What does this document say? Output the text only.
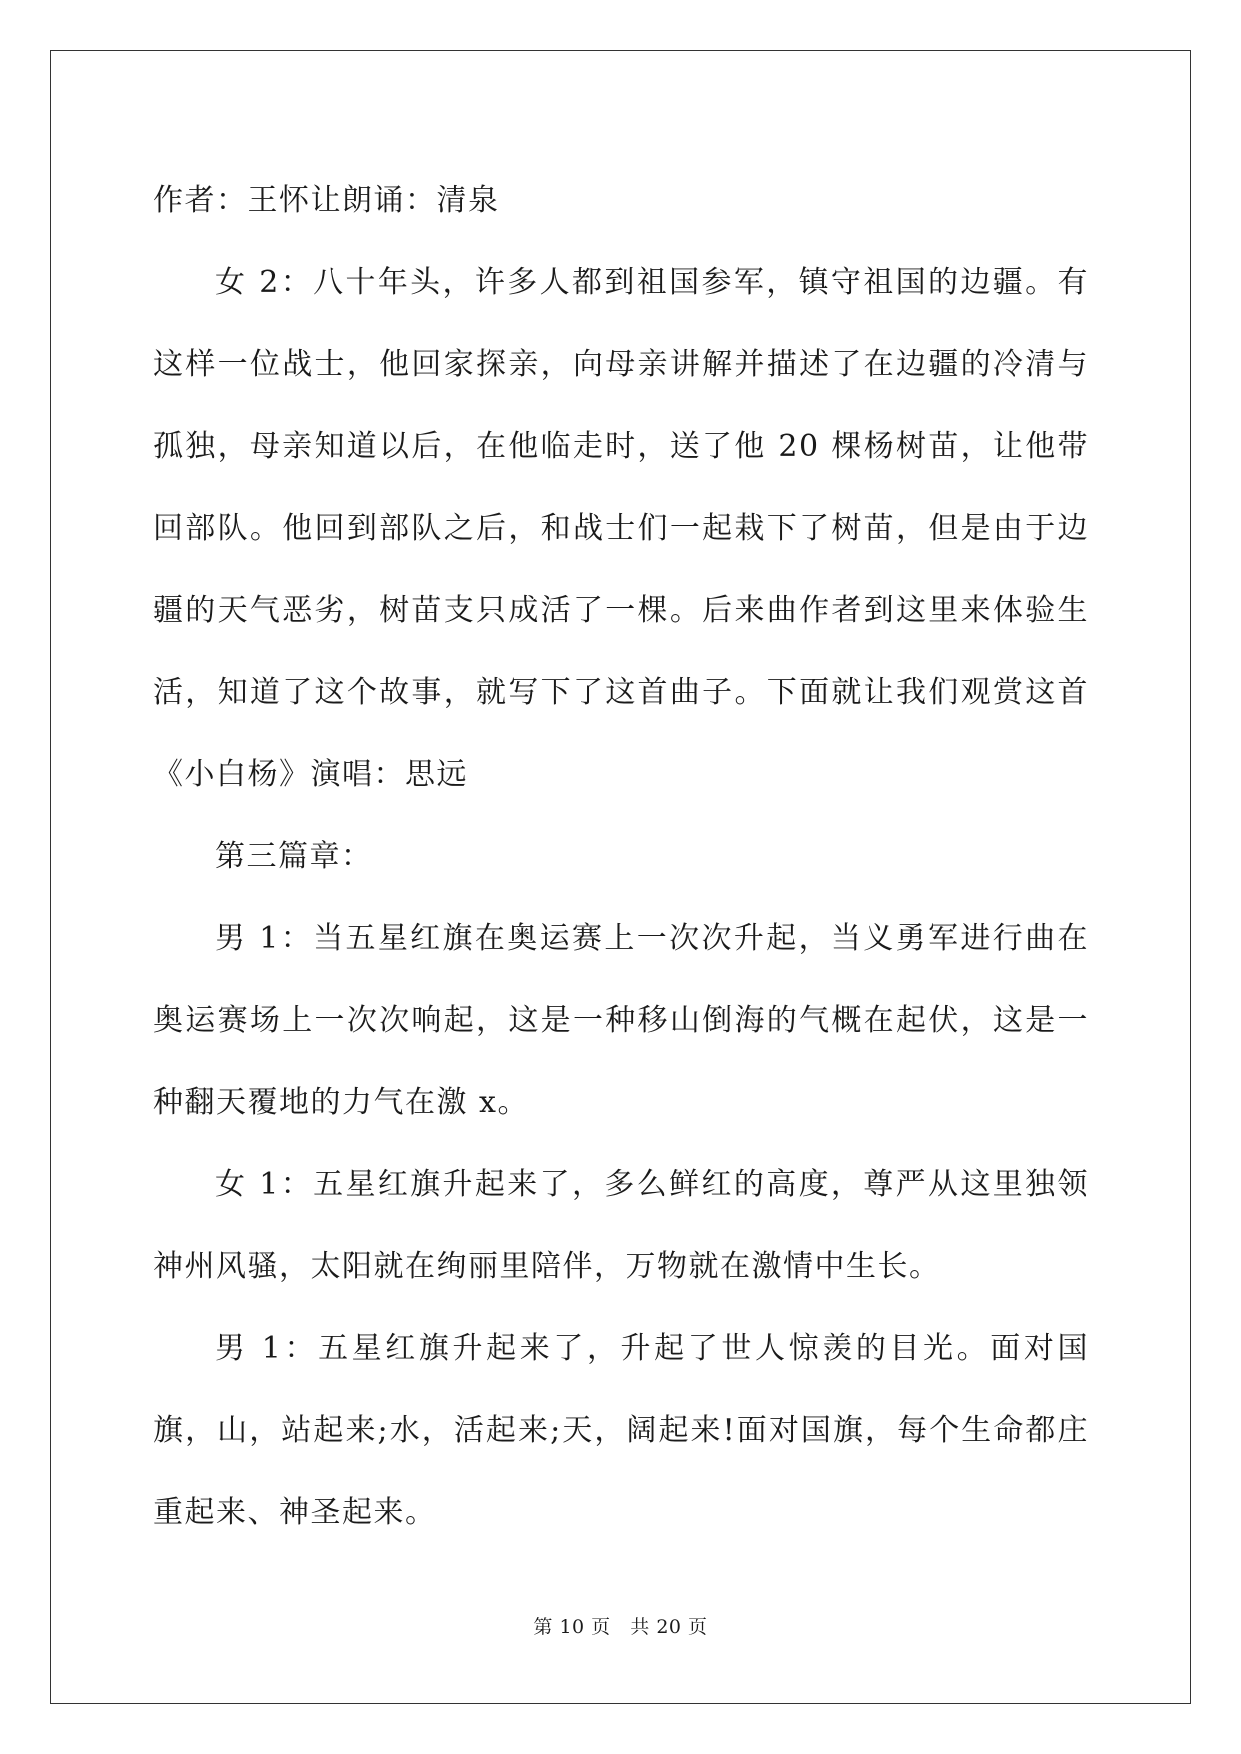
作者：王怀让朗诵：清泉

女 2：八十年头，许多人都到祖国参军，镇守祖国的边疆。有这样一位战士，他回家探亲，向母亲讲解并描述了在边疆的冷清与孤独，母亲知道以后，在他临走时，送了他 20 棵杨树苗，让他带回部队。他回到部队之后，和战士们一起栽下了树苗，但是由于边疆的天气恶劣，树苗支只成活了一棵。后来曲作者到这里来体验生活，知道了这个故事，就写下了这首曲子。下面就让我们观赏这首《小白杨》演唱：思远

第三篇章：

男 1：当五星红旗在奥运赛上一次次升起，当义勇军进行曲在奥运赛场上一次次响起，这是一种移山倒海的气概在起伏，这是一种翻天覆地的力气在激 x。

女 1：五星红旗升起来了，多么鲜红的高度，尊严从这里独领神州风骚，太阳就在绚丽里陪伴，万物就在激情中生长。

男 1：五星红旗升起来了，升起了世人惊羡的目光。面对国旗，山，站起来;水，活起来;天，阔起来!面对国旗，每个生命都庄重起来、神圣起来。

第 10 页   共 20 页
